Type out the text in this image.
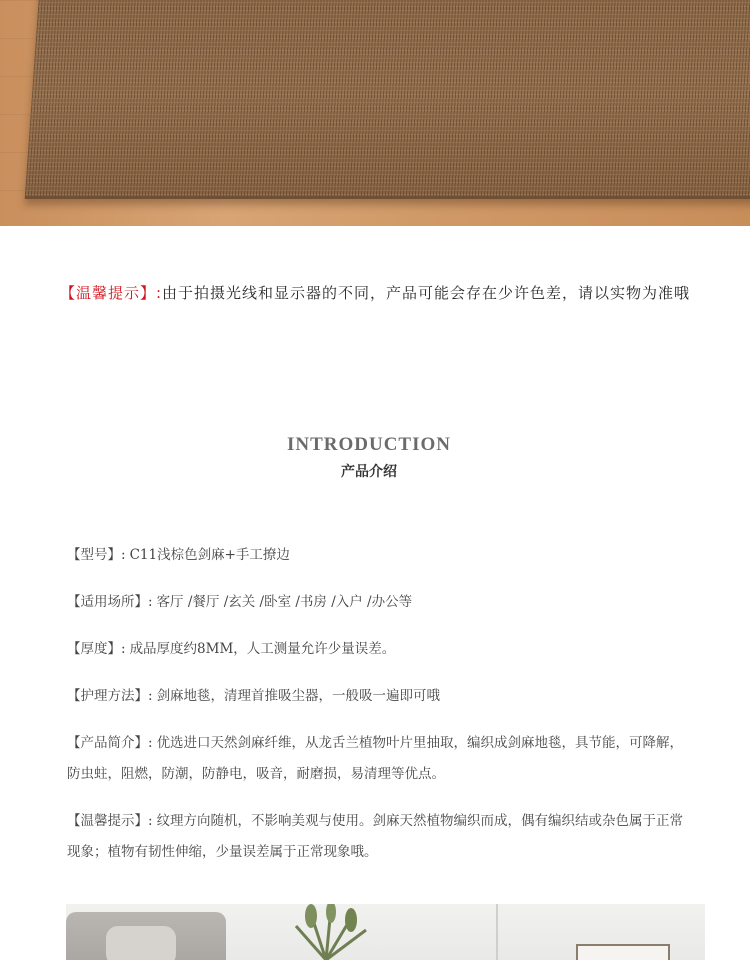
【温馨提示】:由于拍摄光线和显示器的不同，产品可能会存在少许色差，请以实物为准哦
INTRODUCTION
产品介绍
【型号】: C11浅棕色剑麻+手工撩边
【适用场所】: 客厅 /餐厅 /玄关 /卧室 /书房 /入户 /办公等
【厚度】: 成品厚度约8MM，人工测量允许少量误差。
【护理方法】: 剑麻地毯，清理首推吸尘器，一般吸一遍即可哦
【产品简介】: 优选进口天然剑麻纤维，从龙舌兰植物叶片里抽取，编织成剑麻地毯，具节能，可降解，防虫蛀，阻燃，防潮，防静电，吸音，耐磨损，易清理等优点。
【温馨提示】: 纹理方向随机，不影响美观与使用。剑麻天然植物编织而成，偶有编织结或杂色属于正常现象；植物有韧性伸缩，少量误差属于正常现象哦。
